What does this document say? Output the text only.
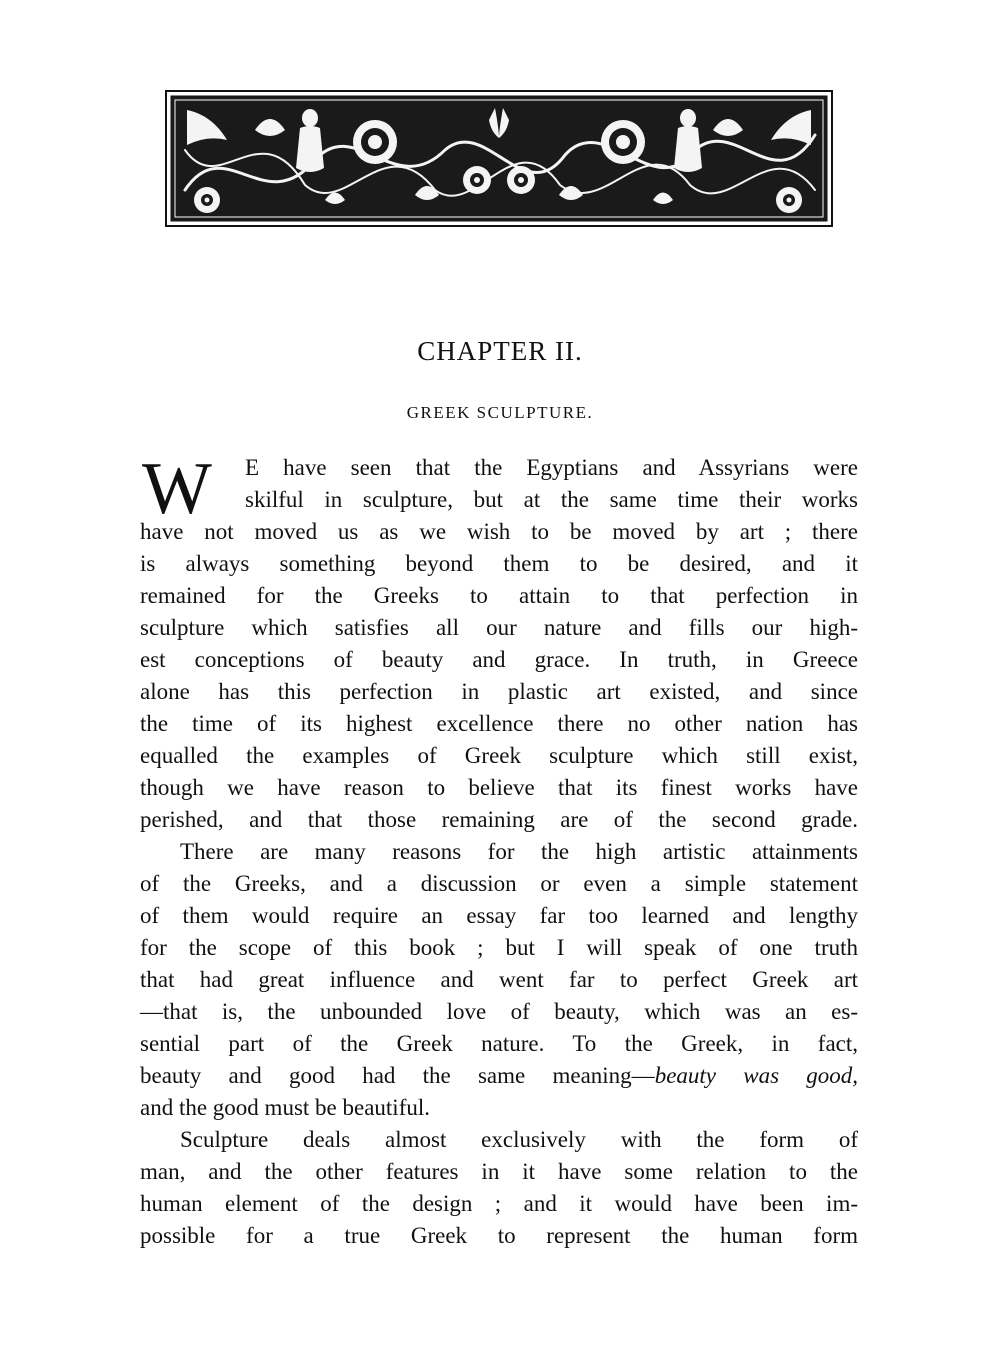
CHAPTER II.
GREEK SCULPTURE.
W	E have seen that the Egyptians and Assyrians were
skilful in sculpture, but at the same time their works
have not moved us as we wish to be moved by art ; there
is always something beyond them to be desired, and it
remained for the Greeks to attain to that perfection in
sculpture which satisfies all our nature and fills our high-
est conceptions of beauty and grace. In truth, in Greece
alone has this perfection in plastic art existed, and since
the time of its highest excellence there no other nation has
equalled the examples of Greek sculpture which still exist,
though we have reason to believe that its finest works have
perished, and that those remaining are of the second grade.
There are many reasons for the high artistic attainments
of the Greeks, and a discussion or even a simple statement
of them would require an essay far too learned and lengthy
for the scope of this book ; but I will speak of one truth
that had great influence and went far to perfect Greek art
—that is, the unbounded love of beauty, which was an es-
sential part of the Greek nature. To the Greek, in fact,
beauty and good had the same meaning—beauty was good,
and the good must be beautiful.
Sculpture deals almost exclusively with the form of
man, and the other features in it have some relation to the
human element of the design ; and it would have been im-
possible for a true Greek to represent the human form
